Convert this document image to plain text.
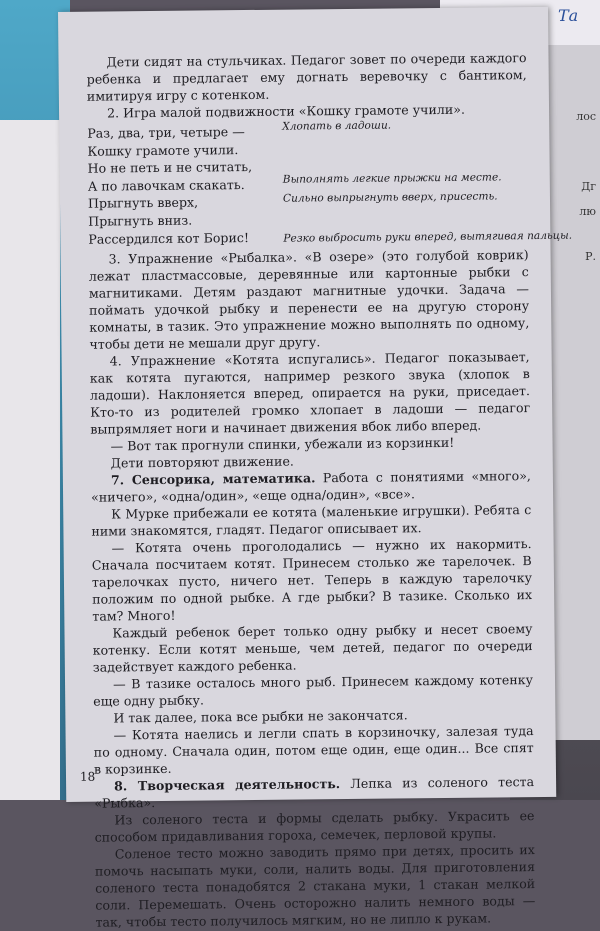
лос
Дг
лю
Р.
Та

Дети сидят на стульчиках. Педагог зовет по очереди каждого ребенка и предлагает ему догнать веревочку с бантиком, имитируя игру с котенком.

2. Игра малой подвижности «Кошку грамоте учили».

Раз, два, три, четыре —
Кошку грамоте учили.
Но не петь и не считать,
А по лавочкам скакать.
Прыгнуть вверх,
Прыгнуть вниз.
Рассердился кот Борис!
Хлопать в ладоши.
Выполнять легкие прыжки на месте.
Сильно выпрыгнуть вверх, присесть.
Резко выбросить руки вперед, вытягивая пальцы.

3. Упражнение «Рыбалка». «В озере» (это голубой коврик) лежат пластмассовые, деревянные или картонные рыбки с магнитиками. Детям раздают магнитные удочки. Задача — поймать удочкой рыбку и перенести ее на другую сторону комнаты, в тазик. Это упражнение можно выполнять по одному, чтобы дети не мешали друг другу.

4. Упражнение «Котята испугались». Педагог показывает, как котята пугаются, например резкого звука (хлопок в ладоши). Наклоняется вперед, опирается на руки, приседает. Кто-то из родителей громко хлопает в ладоши — педагог выпрямляет ноги и начинает движения вбок либо вперед.

— Вот так прогнули спинки, убежали из корзинки!

Дети повторяют движение.

7. Сенсорика, математика. Работа с понятиями «много», «ничего», «одна/один», «еще одна/один», «все».

К Мурке прибежали ее котята (маленькие игрушки). Ребята с ними знакомятся, гладят. Педагог описывает их.

— Котята очень проголодались — нужно их накормить. Сначала посчитаем котят. Принесем столько же тарелочек. В тарелочках пусто, ничего нет. Теперь в каждую тарелочку положим по одной рыбке. А где рыбки? В тазике. Сколько их там? Много!

Каждый ребенок берет только одну рыбку и несет своему котенку. Если котят меньше, чем детей, педагог по очереди задействует каждого ребенка.

— В тазике осталось много рыб. Принесем каждому котенку еще одну рыбку.

И так далее, пока все рыбки не закончатся.

— Котята наелись и легли спать в корзиночку, залезая туда по одному. Сначала один, потом еще один, еще один... Все спят в корзинке.

8. Творческая деятельность. Лепка из соленого теста «Рыбка».

Из соленого теста и формы сделать рыбку. Украсить ее способом придавливания гороха, семечек, перловой крупы.

Соленое тесто можно заводить прямо при детях, просить их помочь насыпать муки, соли, налить воды. Для приготовления соленого теста понадобятся 2 стакана муки, 1 стакан мелкой соли. Перемешать. Очень осторожно налить немного воды — так, чтобы тесто получилось мягким, но не липло к рукам.

18
